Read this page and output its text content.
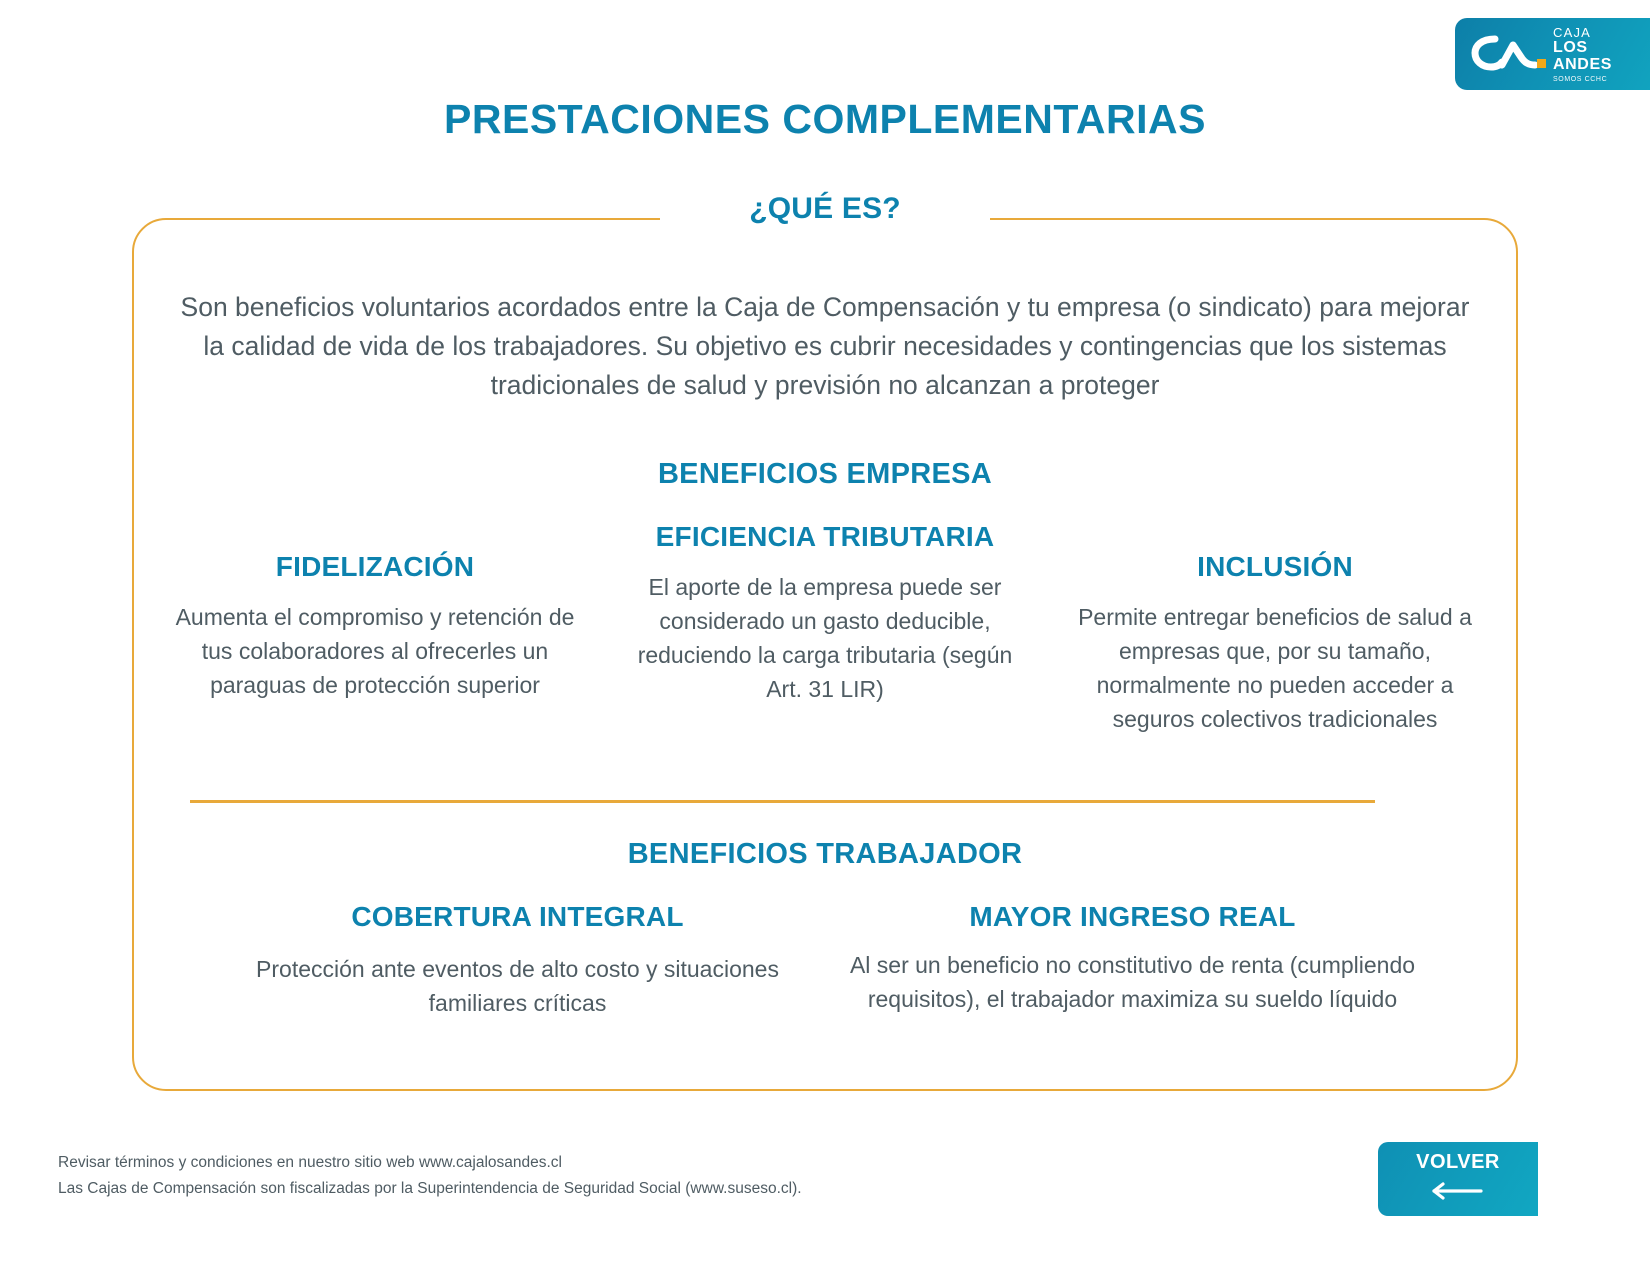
CAJA
LOS
ANDES
SOMOS CCHC
PRESTACIONES COMPLEMENTARIAS
¿QUÉ ES?
Son beneficios voluntarios acordados entre la Caja de Compensación y tu empresa (o sindicato) para mejorar la calidad de vida de los trabajadores. Su objetivo es cubrir necesidades y contingencias que los sistemas tradicionales de salud y previsión no alcanzan a proteger
BENEFICIOS EMPRESA
FIDELIZACIÓN
Aumenta el compromiso y retención de tus colaboradores al ofrecerles un paraguas de protección superior
EFICIENCIA TRIBUTARIA
El aporte de la empresa puede ser considerado un gasto deducible, reduciendo la carga tributaria (según Art. 31 LIR)
INCLUSIÓN
Permite entregar beneficios de salud a empresas que, por su tamaño, normalmente no pueden acceder a seguros colectivos tradicionales
BENEFICIOS TRABAJADOR
COBERTURA INTEGRAL
Protección ante eventos de alto costo y situaciones familiares críticas
MAYOR INGRESO REAL
Al ser un beneficio no constitutivo de renta (cumpliendo requisitos), el trabajador maximiza su sueldo líquido
Revisar términos y condiciones en nuestro sitio web www.cajalosandes.cl
Las Cajas de Compensación son fiscalizadas por la Superintendencia de Seguridad Social (www.suseso.cl).
VOLVER
